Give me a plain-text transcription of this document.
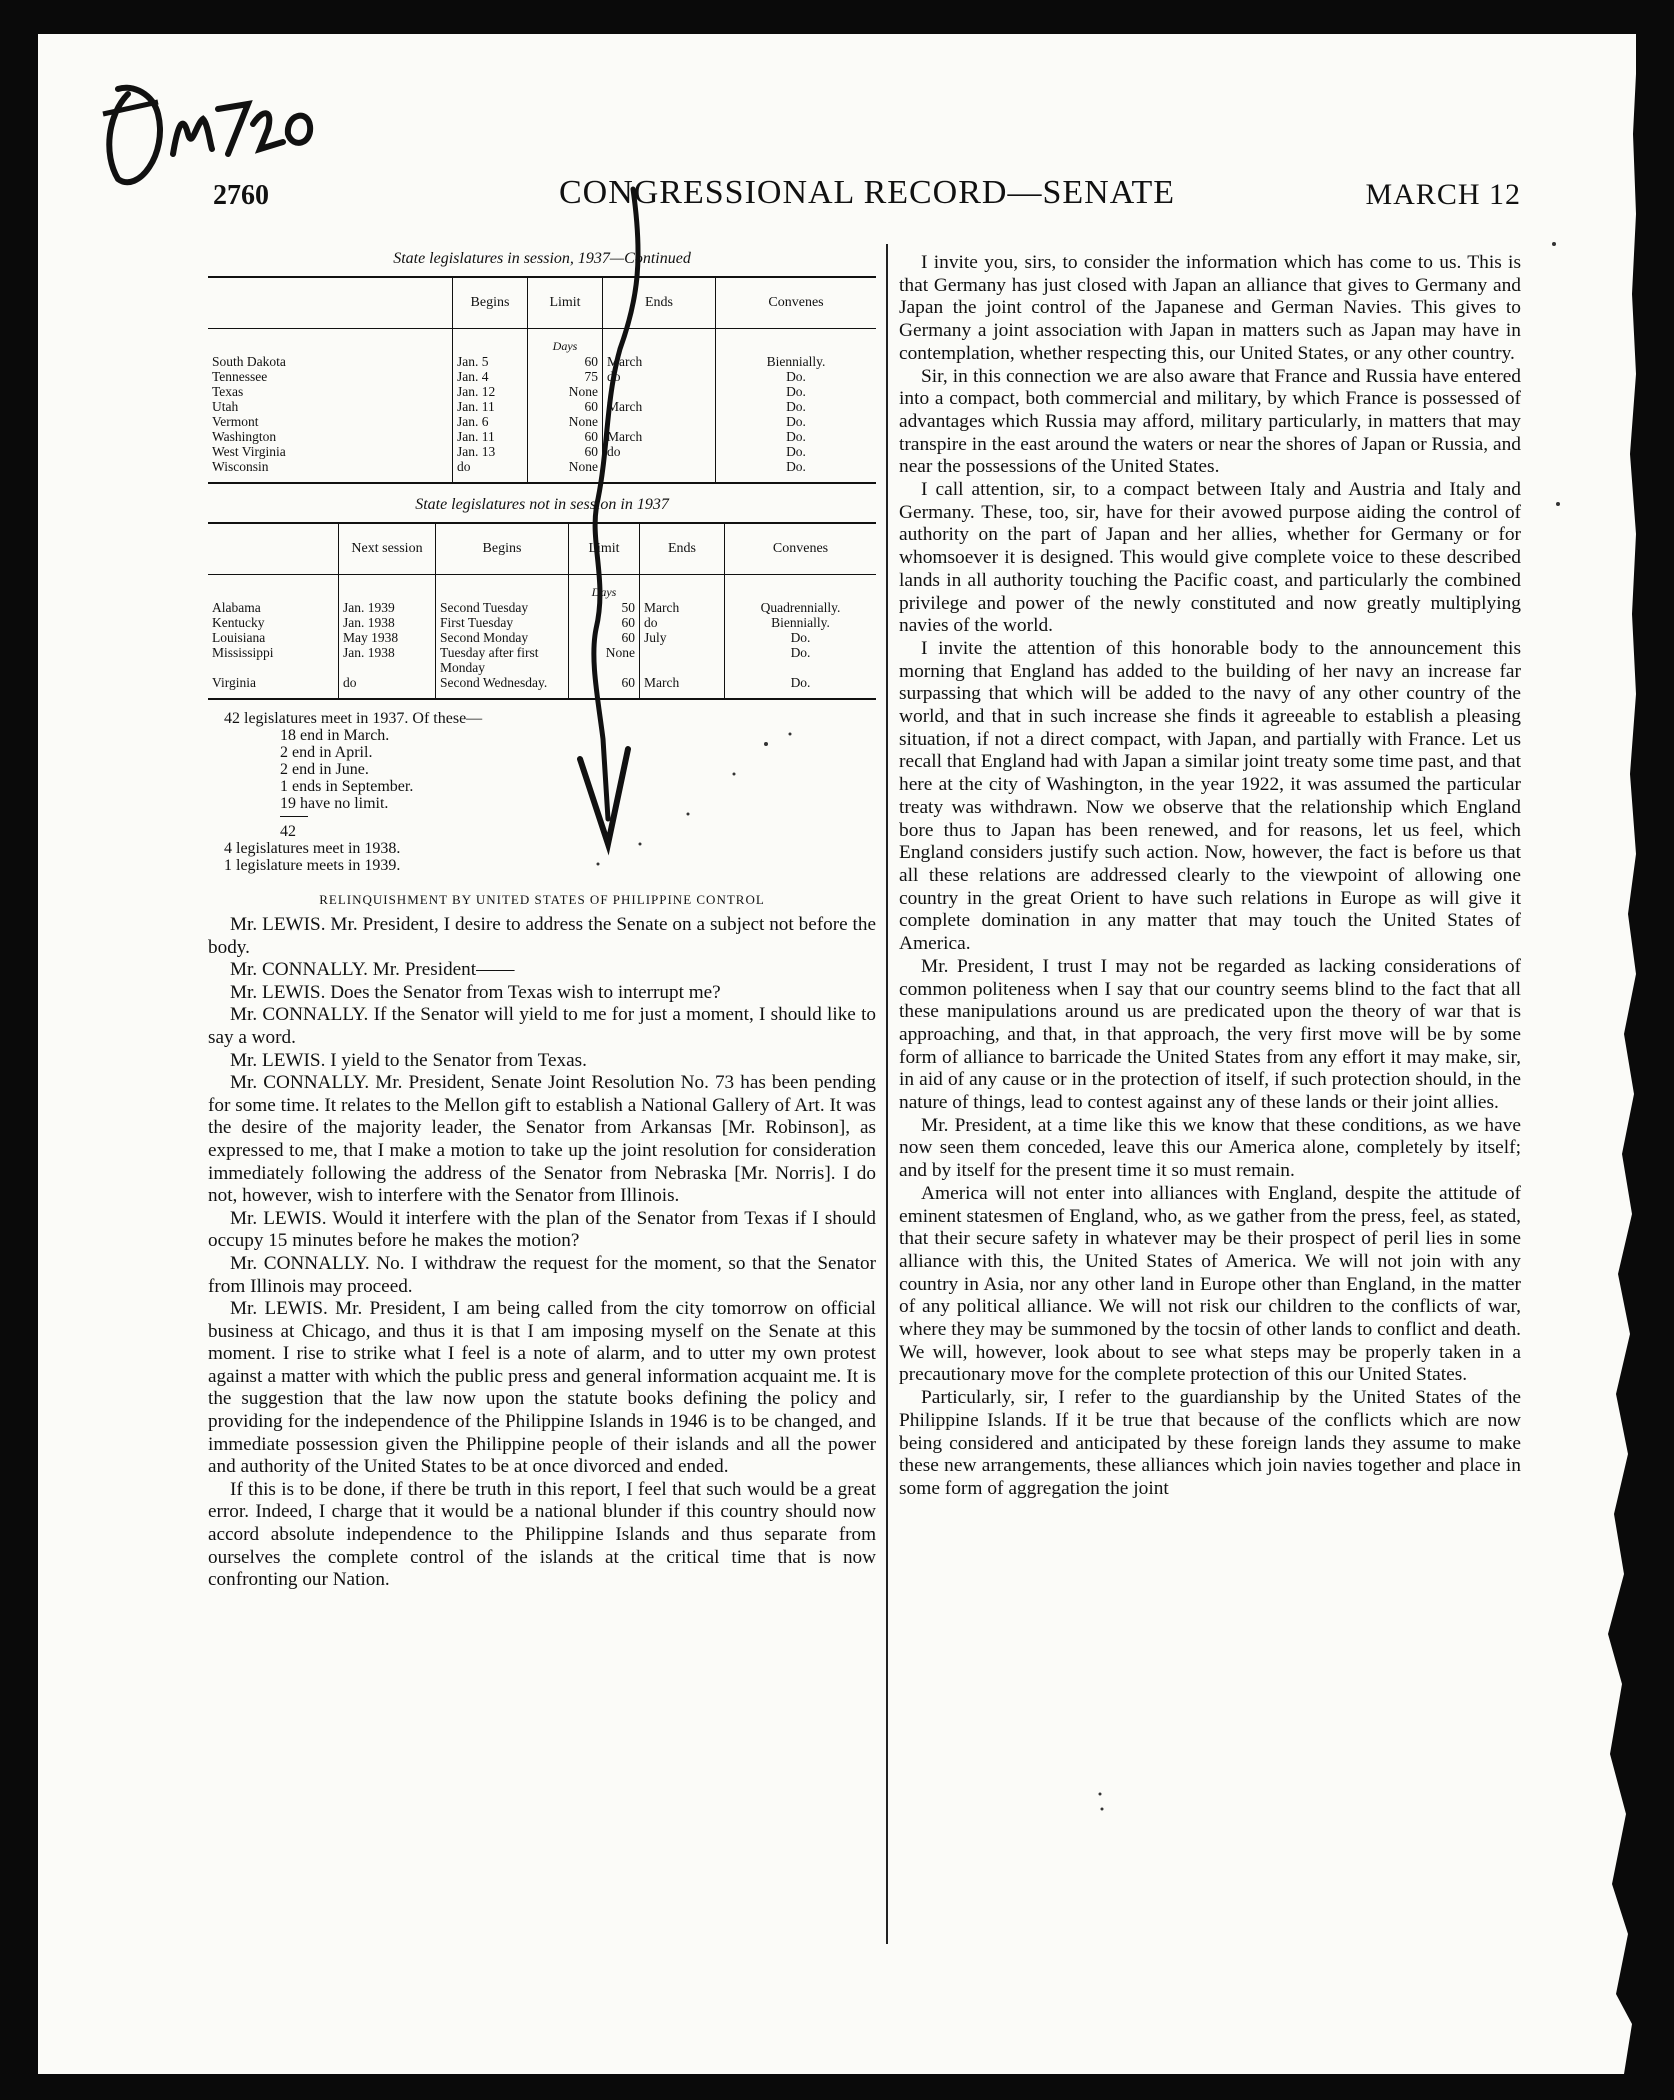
2760	CONGRESSIONAL RECORD—SENATE	MARCH 12
State legislatures in session, 1937—Continued
	Begins	Limit	Ends	Convenes
		Days		
South Dakota	Jan. 5	60	March	Biennially.
Tennessee	Jan. 4	75	do	Do.
Texas	Jan. 12	None		Do.
Utah	Jan. 11	60	March	Do.
Vermont	Jan. 6	None		Do.
Washington	Jan. 11	60	March	Do.
West Virginia	Jan. 13	60	do	Do.
Wisconsin	do	None		Do.
State legislatures not in session in 1937
	Next session	Begins	Limit	Ends	Convenes
			Days		
Alabama	Jan. 1939	Second Tuesday	50	March	Quadrennially.
Kentucky	Jan. 1938	First Tuesday	60	do	Biennially.
Louisiana	May 1938	Second Monday	60	July	Do.
Mississippi	Jan. 1938	Tuesday after first Monday	None		Do.
Virginia	do	Second Wednesday.	60	March	Do.
42 legislatures meet in 1937. Of these—
18 end in March.
2 end in April.
2 end in June.
1 ends in September.
19 have no limit.
42
4 legislatures meet in 1938.
1 legislature meets in 1939.
RELINQUISHMENT BY UNITED STATES OF PHILIPPINE CONTROL

Mr. LEWIS. Mr. President, I desire to address the Senate on a subject not before the body.

Mr. CONNALLY. Mr. President——

Mr. LEWIS. Does the Senator from Texas wish to interrupt me?

Mr. CONNALLY. If the Senator will yield to me for just a moment, I should like to say a word.

Mr. LEWIS. I yield to the Senator from Texas.

Mr. CONNALLY. Mr. President, Senate Joint Resolution No. 73 has been pending for some time. It relates to the Mellon gift to establish a National Gallery of Art. It was the desire of the majority leader, the Senator from Arkansas [Mr. Robinson], as expressed to me, that I make a motion to take up the joint resolution for consideration immediately following the address of the Senator from Nebraska [Mr. Norris]. I do not, however, wish to interfere with the Senator from Illinois.

Mr. LEWIS. Would it interfere with the plan of the Senator from Texas if I should occupy 15 minutes before he makes the motion?

Mr. CONNALLY. No. I withdraw the request for the moment, so that the Senator from Illinois may proceed.

Mr. LEWIS. Mr. President, I am being called from the city tomorrow on official business at Chicago, and thus it is that I am imposing myself on the Senate at this moment. I rise to strike what I feel is a note of alarm, and to utter my own protest against a matter with which the public press and general information acquaint me. It is the suggestion that the law now upon the statute books defining the policy and providing for the independence of the Philippine Islands in 1946 is to be changed, and immediate possession given the Philippine people of their islands and all the power and authority of the United States to be at once divorced and ended.

If this is to be done, if there be truth in this report, I feel that such would be a great error. Indeed, I charge that it would be a national blunder if this country should now accord absolute independence to the Philippine Islands and thus separate from ourselves the complete control of the islands at the critical time that is now confronting our Nation.

I invite you, sirs, to consider the information which has come to us. This is that Germany has just closed with Japan an alliance that gives to Germany and Japan the joint control of the Japanese and German Navies. This gives to Germany a joint association with Japan in matters such as Japan may have in contemplation, whether respecting this, our United States, or any other country.

Sir, in this connection we are also aware that France and Russia have entered into a compact, both commercial and military, by which France is possessed of advantages which Russia may afford, military particularly, in matters that may transpire in the east around the waters or near the shores of Japan or Russia, and near the possessions of the United States.

I call attention, sir, to a compact between Italy and Austria and Italy and Germany. These, too, sir, have for their avowed purpose aiding the control of authority on the part of Japan and her allies, whether for Germany or for whomsoever it is designed. This would give complete voice to these described lands in all authority touching the Pacific coast, and particularly the combined privilege and power of the newly constituted and now greatly multiplying navies of the world.

I invite the attention of this honorable body to the announcement this morning that England has added to the building of her navy an increase far surpassing that which will be added to the navy of any other country of the world, and that in such increase she finds it agreeable to establish a pleasing situation, if not a direct compact, with Japan, and partially with France. Let us recall that England had with Japan a similar joint treaty some time past, and that here at the city of Washington, in the year 1922, it was assumed the particular treaty was withdrawn. Now we observe that the relationship which England bore thus to Japan has been renewed, and for reasons, let us feel, which England considers justify such action. Now, however, the fact is before us that all these relations are addressed clearly to the viewpoint of allowing one country in the great Orient to have such relations in Europe as will give it complete domination in any matter that may touch the United States of America.

Mr. President, I trust I may not be regarded as lacking considerations of common politeness when I say that our country seems blind to the fact that all these manipulations around us are predicated upon the theory of war that is approaching, and that, in that approach, the very first move will be by some form of alliance to barricade the United States from any effort it may make, sir, in aid of any cause or in the protection of itself, if such protection should, in the nature of things, lead to contest against any of these lands or their joint allies.

Mr. President, at a time like this we know that these conditions, as we have now seen them conceded, leave this our America alone, completely by itself; and by itself for the present time it so must remain.

America will not enter into alliances with England, despite the attitude of eminent statesmen of England, who, as we gather from the press, feel, as stated, that their secure safety in whatever may be their prospect of peril lies in some alliance with this, the United States of America. We will not join with any country in Asia, nor any other land in Europe other than England, in the matter of any political alliance. We will not risk our children to the conflicts of war, where they may be summoned by the tocsin of other lands to conflict and death. We will, however, look about to see what steps may be properly taken in a precautionary move for the complete protection of this our United States.

Particularly, sir, I refer to the guardianship by the United States of the Philippine Islands. If it be true that because of the conflicts which are now being considered and anticipated by these foreign lands they assume to make these new arrangements, these alliances which join navies together and place in some form of aggregation the joint
